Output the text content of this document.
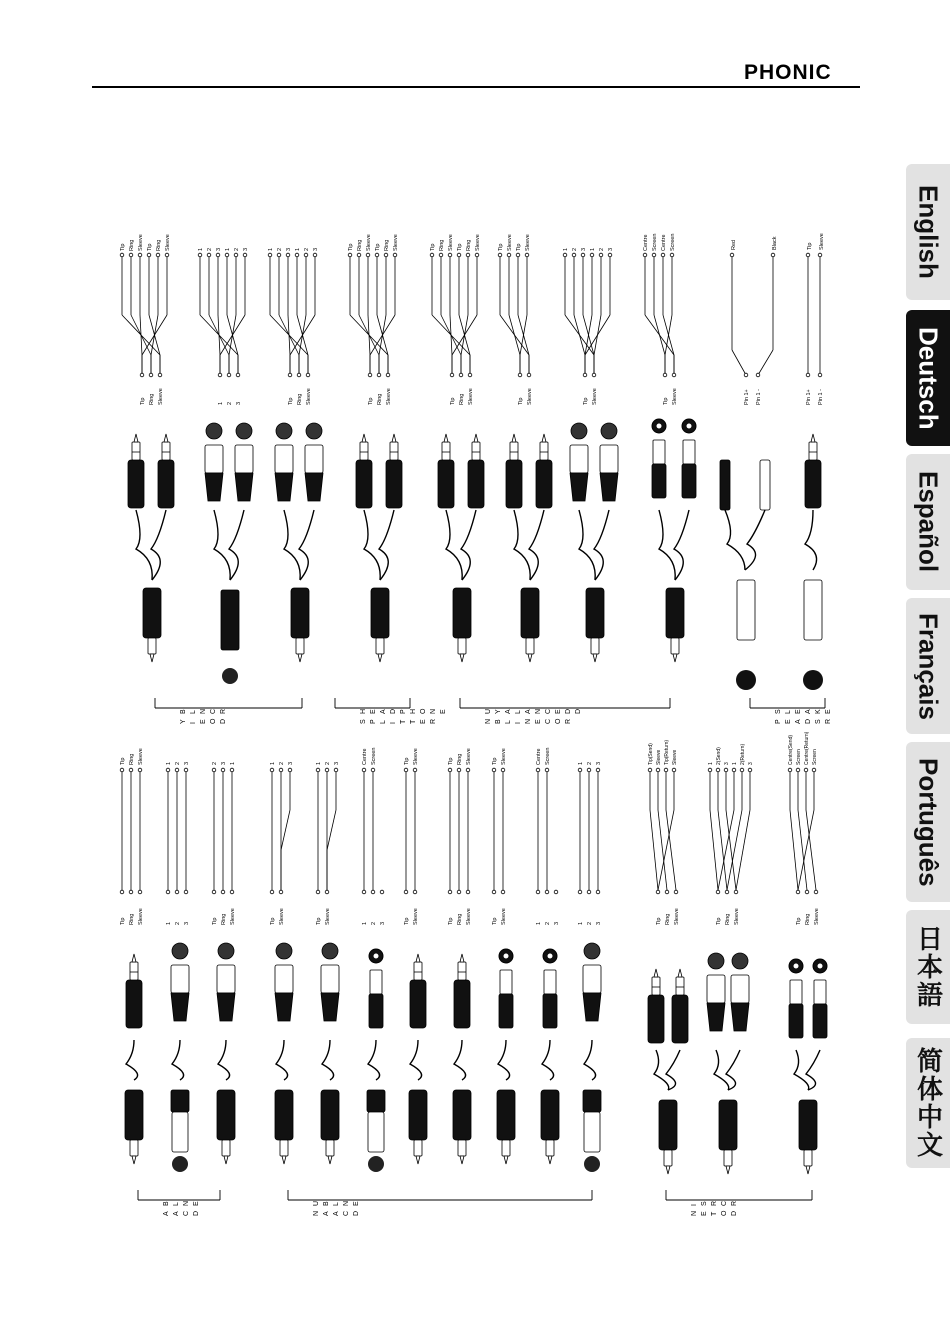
PHONIC
English
Deutsch
Español
Français
Português
日本語
简体中文
Tip Ring Sleeve Tip Ring Sleeve
Tip Ring Sleeve
1 2 3 1 2 3
1 2 3
1 2 3 1 2 3
Tip Ring Sleeve
Tip Ring Sleeve Tip Ring Sleeve
Tip Ring Sleeve
Tip Ring Sleeve Tip Ring Sleeve
Tip Ring Sleeve
Tip Sleeve Tip Sleeve
Tip Sleeve
1 2 3 1 2 3
Tip Sleeve
Centre Screen Centre Screen
Tip Sleeve
Red	Black
Pin 1+ Pin 1 -
Tip Sleeve
Pin 1+ Pin 1 -
B
Y
L
I
N
E
C
O
R
D
H
S
E
P
A
L
D
I
P
T
H
T
O
E
N
R
E	U
N
Y
B
A
L
L
I
A
N
N
E
C
C
E
O
D
R
D	S
P
L
E
E
A
A
D
K
S
E
R
Tip Ring Sleeve
Tip Ring Sleeve
1 2 3
1 2 3
2 3 1
Tip Ring Sleeve
1 2 3
Tip Sleeve
1 2 3
Tip Sleeve
Centre Screen
1 2 3
Tip Sleeve
Tip Sleeve
Tip Ring Sleeve
Tip Ring Sleeve
Tip Sleeve
Tip Sleeve
Centre Screen
1 2 3
1 2 3
1 2 3
Tip(Send) Sleeve Tip(Return) Sleeve
Tip Ring Sleeve
1 2(Send) 3 1 2(Return) 3
Tip Ring Sleeve
Centre(Send) Screen Centre(Return) Screen
Tip Ring Sleeve
B
A
L
A
N
C
E
D
U
N
B
A
L
A
N
C
E
D
I
N
S
E
R
T
C
O
R
D
